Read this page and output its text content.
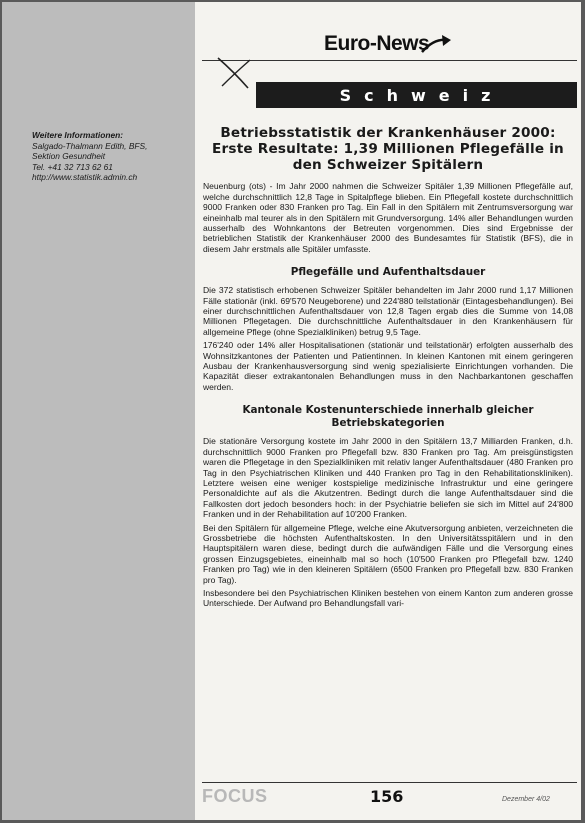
Weitere Informationen:
Salgado-Thalmann Edith, BFS,
Sektion Gesundheit
Tel. +41 32 713 62 61
http://www.statistik.admin.ch
Euro-News
Schweiz
Betriebsstatistik der Krankenhäuser 2000: Erste Resultate: 1,39 Millionen Pflegefälle in den Schweizer Spitälern

Neuenburg (ots) - Im Jahr 2000 nahmen die Schweizer Spitäler 1,39 Millionen Pflegefälle auf, welche durchschnittlich 12,8 Tage in Spitalpflege blieben. Ein Pflegefall kostete durchschnittlich 9000 Franken oder 830 Franken pro Tag. Ein Fall in den Spitälern mit Zentrumsversorgung war eineinhalb mal teurer als in den Spitälern mit Grundversorgung. 14% aller Behandlungen wurden ausserhalb des Wohnkantons der Betreuten vorgenommen. Dies sind Ergebnisse der betrieblichen Statistik der Krankenhäuser 2000 des Bundesamtes für Statistik (BFS), die in diesem Jahr erstmals alle Spitäler umfasste.

Pflegefälle und Aufenthaltsdauer

Die 372 statistisch erhobenen Schweizer Spitäler behandelten im Jahr 2000 rund 1,17 Millionen Fälle stationär (inkl. 69'570 Neugeborene) und 224'880 teilstationär (Eintagesbehandlungen). Bei einer durchschnittlichen Aufenthaltsdauer von 12,8 Tagen ergab dies die Summe von 14,08 Millionen Pflegetagen. Die durchschnittliche Aufenthaltsdauer in den Krankenhäusern für allgemeine Pflege (ohne Spezialkliniken) betrug 9,5 Tage.

176'240 oder 14% aller Hospitalisationen (stationär und teilstationär) erfolgten ausserhalb des Wohnsitzkantones der Patienten und Patientinnen. In kleinen Kantonen mit einem geringeren Ausbau der Krankenhausversorgung sind wenig spezialisierte Einrichtungen vorhanden. Die Kapazität dieser extrakantonalen Behandlungen muss in den Nachbarkantonen geschaffen werden.

Kantonale Kostenunterschiede innerhalb gleicher Betriebskategorien

Die stationäre Versorgung kostete im Jahr 2000 in den Spitälern 13,7 Milliarden Franken, d.h. durchschnittlich 9000 Franken pro Pflegefall bzw. 830 Franken pro Tag. Am preisgünstigsten waren die Pflegetage in den Spezialkliniken mit relativ langer Aufenthaltsdauer (480 Franken pro Tag in den Psychiatrischen Kliniken und 440 Franken pro Tag in den Rehabilitationskliniken). Letztere weisen eine weniger kostspielige medizinische Infrastruktur und eine geringere Personaldichte auf als die Akutzentren. Bedingt durch die lange Aufenthaltsdauer sind die Fallkosten dort jedoch besonders hoch: in der Psychiatrie beliefen sie sich im Mittel auf 24'800 Franken und in der Rehabilitation auf 10'200 Franken.

Bei den Spitälern für allgemeine Pflege, welche eine Akutversorgung anbieten, verzeichneten die Grossbetriebe die höchsten Aufenthaltskosten. In den Universitätsspitälern und in den Hauptspitälern waren diese, bedingt durch die aufwändigen Fälle und die Versorgung eines grossen Einzugsgebietes, eineinhalb mal so hoch (10'500 Franken pro Pflegefall bzw. 1240 Franken pro Tag) wie in den kleineren Spitälern (6500 Franken pro Pflegefall bzw. 830 Franken pro Tag).

Insbesondere bei den Psychiatrischen Kliniken bestehen von einem Kanton zum anderen grosse Unterschiede. Der Aufwand pro Behandlungsfall vari-

FOCUS	156	Dezember 4/02
